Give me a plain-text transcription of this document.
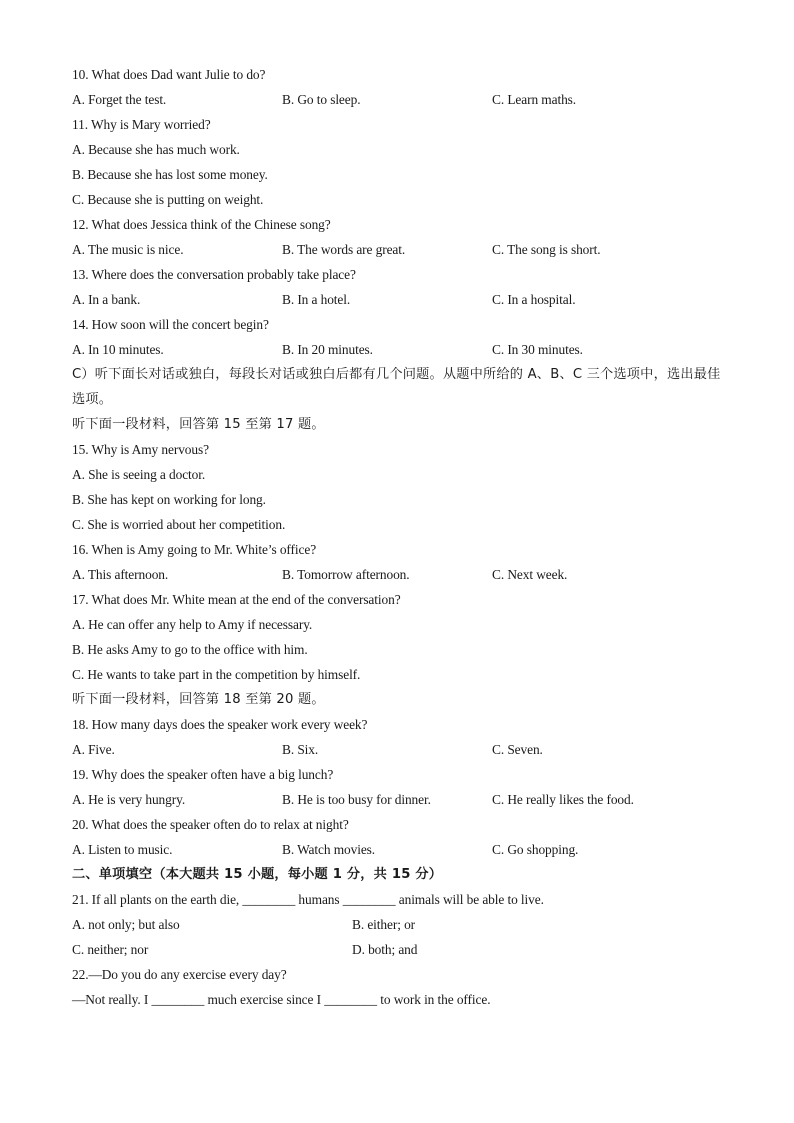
10. What does Dad want Julie to do?
A. Forget the test.	B. Go to sleep.	C. Learn maths.
11. Why is Mary worried?
A. Because she has much work.
B. Because she has lost some money.
C. Because she is putting on weight.
12. What does Jessica think of the Chinese song?
A. The music is nice.	B. The words are great.	C. The song is short.
13. Where does the conversation probably take place?
A. In a bank.	B. In a hotel.	C. In a hospital.
14. How soon will the concert begin?
A. In 10 minutes.	B. In 20 minutes.	C. In 30 minutes.
C）听下面长对话或独白，每段长对话或独白后都有几个问题。从题中所给的 A、B、C 三个选项中，选出最佳选项。
听下面一段材料，回答第 15 至第 17 题。
15. Why is Amy nervous?
A. She is seeing a doctor.
B. She has kept on working for long.
C. She is worried about her competition.
16. When is Amy going to Mr. White’s office?
A. This afternoon.	B. Tomorrow afternoon.	C. Next week.
17. What does Mr. White mean at the end of the conversation?
A. He can offer any help to Amy if necessary.
B. He asks Amy to go to the office with him.
C. He wants to take part in the competition by himself.
听下面一段材料，回答第 18 至第 20 题。
18. How many days does the speaker work every week?
A. Five.	B. Six.	C. Seven.
19. Why does the speaker often have a big lunch?
A. He is very hungry.	B. He is too busy for dinner.	C. He really likes the food.
20. What does the speaker often do to relax at night?
A. Listen to music.	B. Watch movies.	C. Go shopping.
二、单项填空（本大题共 15 小题，每小题 1 分，共 15 分）
21. If all plants on the earth die, ________ humans ________ animals will be able to live.
A. not only; but also	B. either; or
C. neither; nor	D. both; and
22.—Do you do any exercise every day?
—Not really. I ________ much exercise since I ________ to work in the office.
